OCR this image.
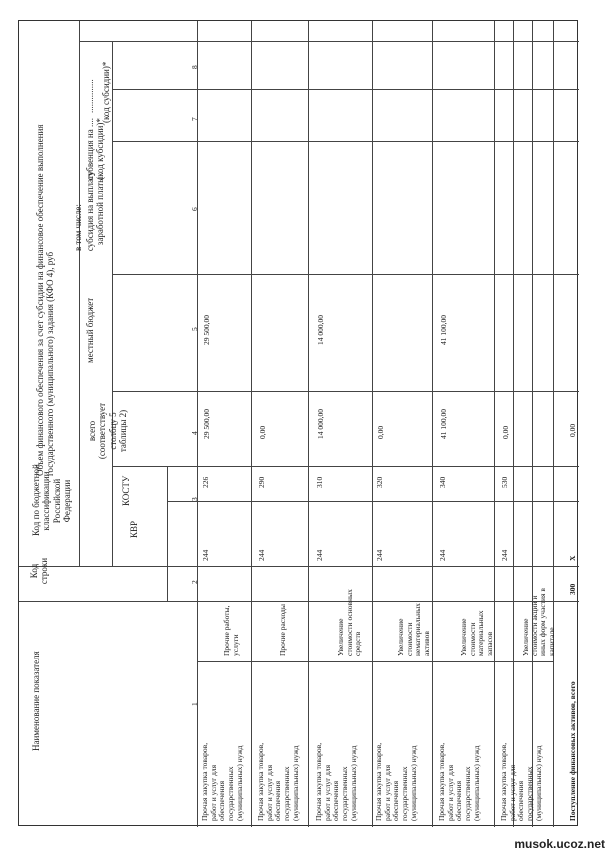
Наименование показателя
Код строки
Код по бюджетной классификации Российской Федерации
Объем финансового обеспечения за счет субсидии на финансовое обеспечение выполнения государственного (муниципального) задания (КФО 4), руб
в том числе:
КВР
КОСТУ
всего (соответствует столбцу 5 таблицы 2)
местный бюджет
субсидия на выплату заработной платы
субвенция на .... (код кубсидии)*
............... (код субсидии)*
1
2
3
4
5
6
7
8
Прочая закупка товаров, работ и услуг для обеспечения государственных (муниципальных) нужд
Прочие работы, услуги
244
226
29 500,00
29 500,00
Прочая закупка товаров, работ и услуг для обеспечения государственных (муниципальных) нужд
Прочие расходы
244
290
0,00
Прочая закупка товаров, работ и услуг для обеспечения государственных (муниципальных) нужд
Увеличение стоимости основных средств
244
310
14 000,00
14 000,00
Прочая закупка товаров, работ и услуг для обеспечения государственных (муниципальных) нужд
Увеличение стоимости нематериальных активов
244
320
0,00
Прочая закупка товаров, работ и услуг для обеспечения государственных (муниципальных) нужд
Увеличение стоимости материальных запасов
244
340
41 100,00
41 100,00
Прочая закупка товаров, работ и услуг для обеспечения государственных (муниципальных) нужд
Увеличение стоимости акций и иных форм участия в капитале
244
530
0,00
Поступление финансовых активов, всего
300
X
0,00
musok.ucoz.net
